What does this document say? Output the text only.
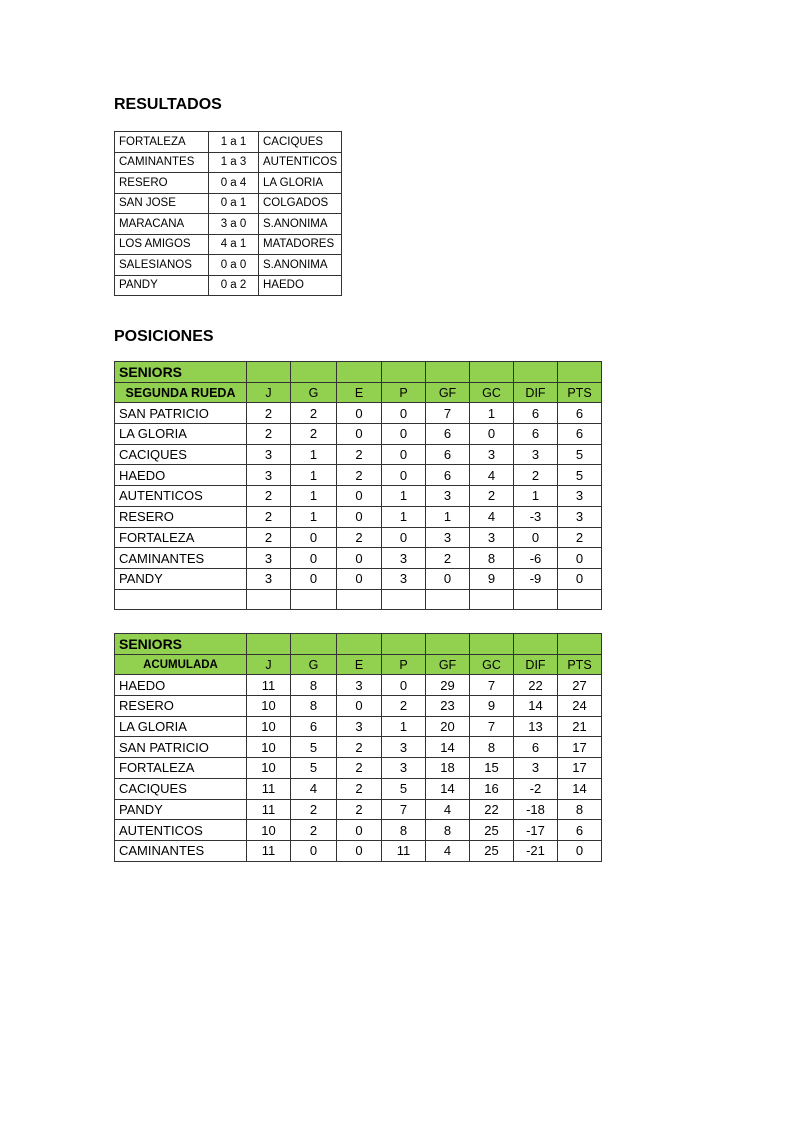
RESULTADOS
FORTALEZA	1 a 1	CACIQUES
CAMINANTES	1 a 3	AUTENTICOS
RESERO	0 a 4	LA GLORIA
SAN JOSE	0 a 1	COLGADOS
MARACANA	3 a 0	S.ANONIMA
LOS AMIGOS	4 a 1	MATADORES
SALESIANOS	0 a 0	S.ANONIMA
PANDY	0 a 2	HAEDO
POSICIONES
SENIORS								
SEGUNDA RUEDA	J	G	E	P	GF	GC	DIF	PTS
SAN PATRICIO	2	2	0	0	7	1	6	6
LA GLORIA	2	2	0	0	6	0	6	6
CACIQUES	3	1	2	0	6	3	3	5
HAEDO	3	1	2	0	6	4	2	5
AUTENTICOS	2	1	0	1	3	2	1	3
RESERO	2	1	0	1	1	4	-3	3
FORTALEZA	2	0	2	0	3	3	0	2
CAMINANTES	3	0	0	3	2	8	-6	0
PANDY	3	0	0	3	0	9	-9	0

SENIORS								
ACUMULADA	J	G	E	P	GF	GC	DIF	PTS
HAEDO	11	8	3	0	29	7	22	27
RESERO	10	8	0	2	23	9	14	24
LA GLORIA	10	6	3	1	20	7	13	21
SAN PATRICIO	10	5	2	3	14	8	6	17
FORTALEZA	10	5	2	3	18	15	3	17
CACIQUES	11	4	2	5	14	16	-2	14
PANDY	11	2	2	7	4	22	-18	8
AUTENTICOS	10	2	0	8	8	25	-17	6
CAMINANTES	11	0	0	11	4	25	-21	0
